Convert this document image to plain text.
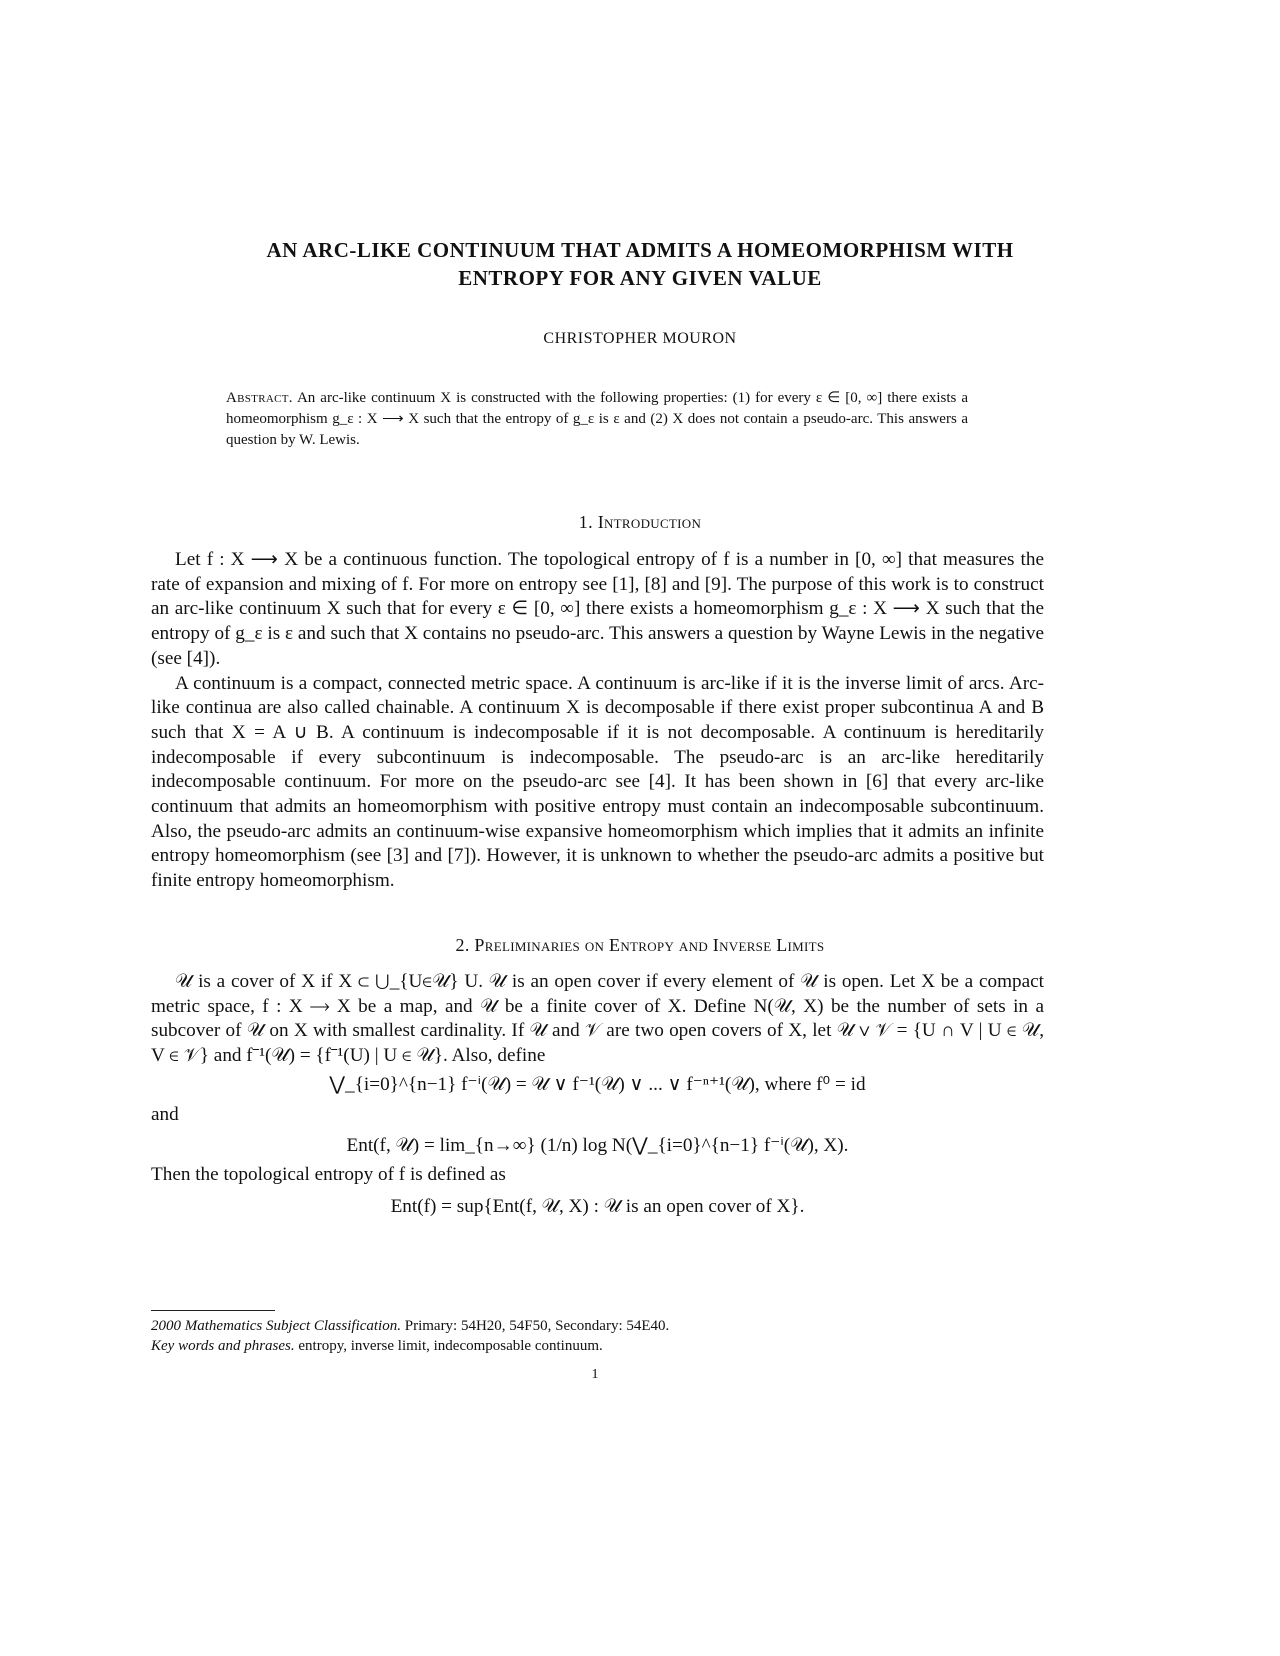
AN ARC-LIKE CONTINUUM THAT ADMITS A HOMEOMORPHISM WITH
ENTROPY FOR ANY GIVEN VALUE
CHRISTOPHER MOURON
Abstract. An arc-like continuum X is constructed with the following properties: (1) for every ε ∈ [0, ∞] there exists a homeomorphism g_ε : X ⟶ X such that the entropy of g_ε is ε and (2) X does not contain a pseudo-arc. This answers a question by W. Lewis.
1. Introduction

Let f : X ⟶ X be a continuous function. The topological entropy of f is a number in [0, ∞] that measures the rate of expansion and mixing of f. For more on entropy see [1], [8] and [9]. The purpose of this work is to construct an arc-like continuum X such that for every ε ∈ [0, ∞] there exists a homeomorphism g_ε : X ⟶ X such that the entropy of g_ε is ε and such that X contains no pseudo-arc. This answers a question by Wayne Lewis in the negative (see [4]).

A continuum is a compact, connected metric space. A continuum is arc-like if it is the inverse limit of arcs. Arc-like continua are also called chainable. A continuum X is decomposable if there exist proper subcontinua A and B such that X = A ∪ B. A continuum is indecomposable if it is not decomposable. A continuum is hereditarily indecomposable if every subcontinuum is indecomposable. The pseudo-arc is an arc-like hereditarily indecomposable continuum. For more on the pseudo-arc see [4]. It has been shown in [6] that every arc-like continuum that admits an homeomorphism with positive entropy must contain an indecomposable subcontinuum. Also, the pseudo-arc admits an continuum-wise expansive homeomorphism which implies that it admits an infinite entropy homeomorphism (see [3] and [7]). However, it is unknown to whether the pseudo-arc admits a positive but finite entropy homeomorphism.

2. Preliminaries on Entropy and Inverse Limits

𝒰 is a cover of X if X ⊂ ⋃_{U∈𝒰} U. 𝒰 is an open cover if every element of 𝒰 is open. Let X be a compact metric space, f : X ⟶ X be a map, and 𝒰 be a finite cover of X. Define N(𝒰, X) be the number of sets in a subcover of 𝒰 on X with smallest cardinality. If 𝒰 and 𝒱 are two open covers of X, let 𝒰 ∨ 𝒱 = {U ∩ V | U ∈ 𝒰, V ∈ 𝒱} and f⁻¹(𝒰) = {f⁻¹(U) | U ∈ 𝒰}. Also, define

⋁_{i=0}^{n−1} f⁻ⁱ(𝒰) = 𝒰 ∨ f⁻¹(𝒰) ∨ ... ∨ f⁻ⁿ⁺¹(𝒰), where f⁰ = id
and
Ent(f, 𝒰) = lim_{n→∞} (1/n) log N(⋁_{i=0}^{n−1} f⁻ⁱ(𝒰), X).
Then the topological entropy of f is defined as
Ent(f) = sup{Ent(f, 𝒰, X) : 𝒰 is an open cover of X}.
2000 Mathematics Subject Classification. Primary: 54H20, 54F50, Secondary: 54E40.
Key words and phrases. entropy, inverse limit, indecomposable continuum.
1
